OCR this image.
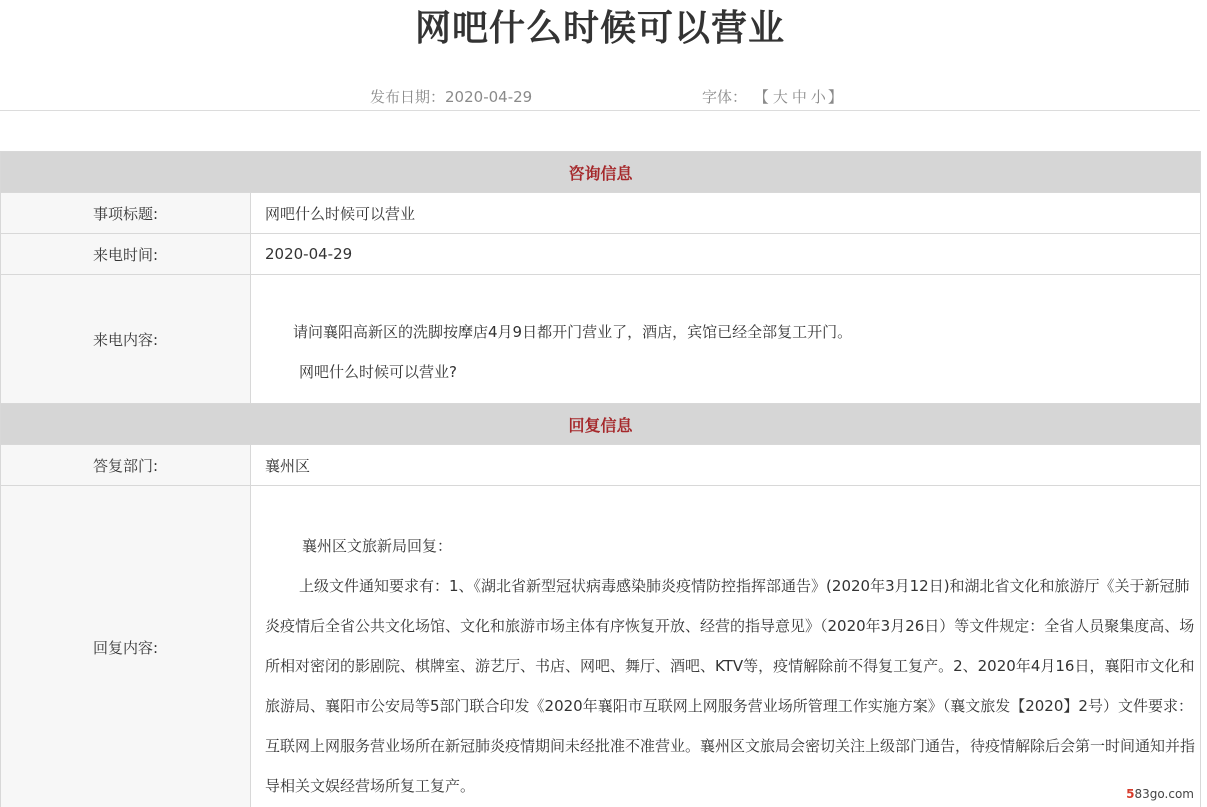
网吧什么时候可以营业
发布日期：2020-04-29	字体： 【 大 中 小 】
咨询信息	
事项标题:	网吧什么时候可以营业
来电时间:	2020-04-29
来电内容:	请问襄阳高新区的洗脚按摩店4月9日都开门营业了，酒店，宾馆已经全部复工开门。

网吧什么时候可以营业?

回复信息	
答复部门:	襄州区
回复内容:	襄州区文旅新局回复：

上级文件通知要求有：1、《湖北省新型冠状病毒感染肺炎疫情防控指挥部通告》(2020年3月12日)和湖北省文化和旅游厅《关于新冠肺炎疫情后全省公共文化场馆、文化和旅游市场主体有序恢复开放、经营的指导意见》（2020年3月26日）等文件规定：全省人员聚集度高、场所相对密闭的影剧院、棋牌室、游艺厅、书店、网吧、舞厅、酒吧、KTV等，疫情解除前不得复工复产。2、2020年4月16日，襄阳市文化和旅游局、襄阳市公安局等5部门联合印发《2020年襄阳市互联网上网服务营业场所管理工作实施方案》（襄文旅发【2020】2号）文件要求：互联网上网服务营业场所在新冠肺炎疫情期间未经批准不准营业。襄州区文旅局会密切关注上级部门通告，待疫情解除后会第一时间通知并指导相关文娱经营场所复工复产。	583go.com
